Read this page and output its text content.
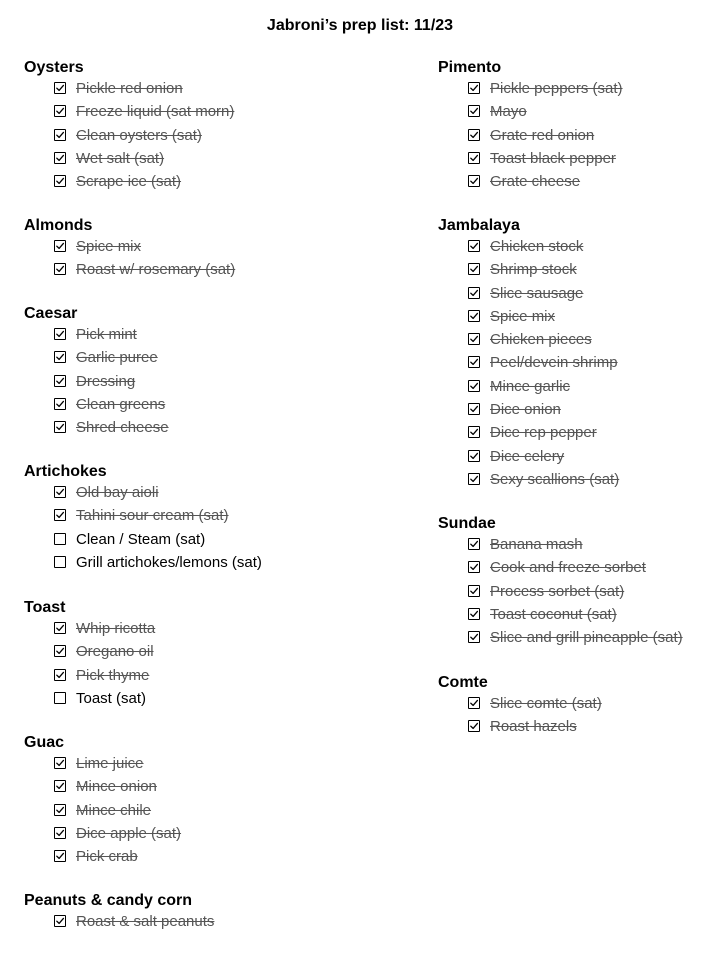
Jabroni’s prep list: 11/23
Oysters
Pickle red onion
Freeze liquid (sat morn)
Clean oysters (sat)
Wet salt (sat)
Scrape ice (sat)
Almonds
Spice mix
Roast w/ rosemary (sat)
Caesar
Pick mint
Garlic puree
Dressing
Clean greens
Shred cheese
Artichokes
Old bay aioli
Tahini sour cream (sat)
Clean / Steam (sat)
Grill artichokes/lemons (sat)
Toast
Whip ricotta
Oregano oil
Pick thyme
Toast (sat)
Guac
Lime juice
Mince onion
Mince chile
Dice apple (sat)
Pick crab
Peanuts & candy corn
Roast & salt peanuts
Pimento
Pickle peppers (sat)
Mayo
Grate red onion
Toast black pepper
Grate cheese
Jambalaya
Chicken stock
Shrimp stock
Slice sausage
Spice mix
Chicken pieces
Peel/devein shrimp
Mince garlic
Dice onion
Dice rep pepper
Dice celery
Sexy scallions (sat)
Sundae
Banana mash
Cook and freeze sorbet
Process sorbet (sat)
Toast coconut (sat)
Slice and grill pineapple (sat)
Comte
Slice comte (sat)
Roast hazels
